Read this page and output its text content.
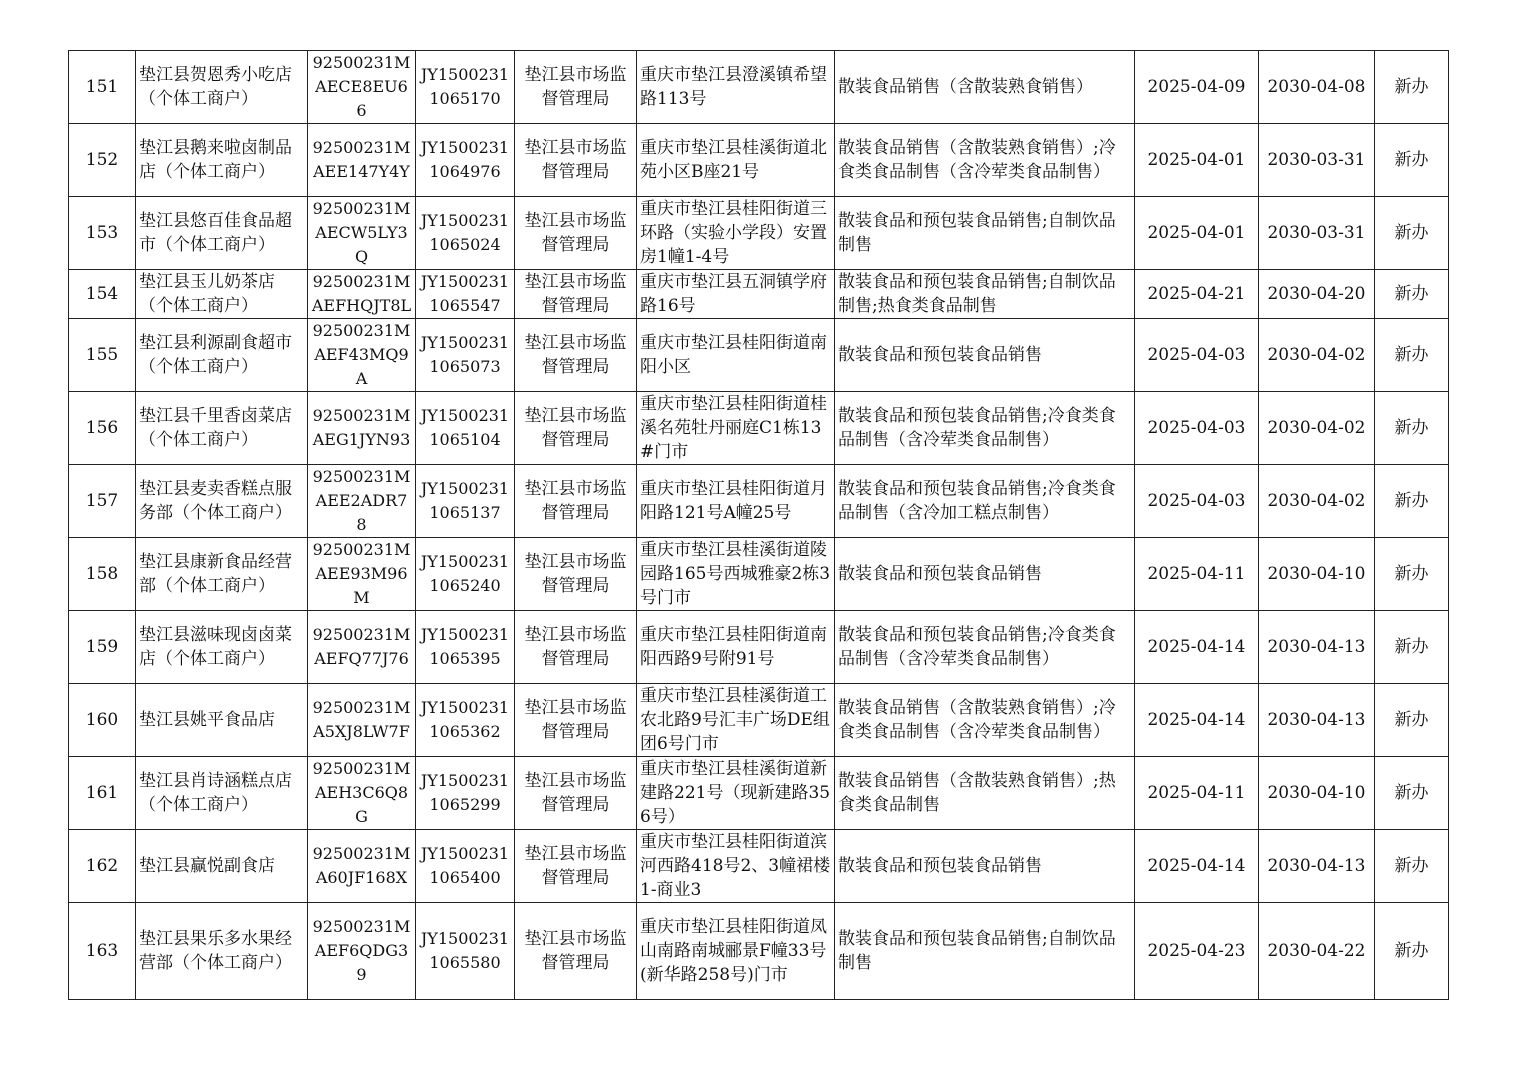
151	垫江县贺恩秀小吃店（个体工商户）	92500231MAECE8EU66	JY15002311065170	垫江县市场监督管理局	重庆市垫江县澄溪镇希望路113号	散装食品销售（含散装熟食销售）	2025-04-09	2030-04-08	新办
152	垫江县鹅来啦卤制品店（个体工商户）	92500231MAEE147Y4Y	JY15002311064976	垫江县市场监督管理局	重庆市垫江县桂溪街道北苑小区B座21号	散装食品销售（含散装熟食销售）;冷食类食品制售（含冷荤类食品制售）	2025-04-01	2030-03-31	新办
153	垫江县悠百佳食品超市（个体工商户）	92500231MAECW5LY3Q	JY15002311065024	垫江县市场监督管理局	重庆市垫江县桂阳街道三环路（实验小学段）安置房1幢1-4号	散装食品和预包装食品销售;自制饮品制售	2025-04-01	2030-03-31	新办
154	垫江县玉儿奶茶店（个体工商户）	92500231MAEFHQJT8L	JY15002311065547	垫江县市场监督管理局	重庆市垫江县五洞镇学府路16号	散装食品和预包装食品销售;自制饮品制售;热食类食品制售	2025-04-21	2030-04-20	新办
155	垫江县利源副食超市（个体工商户）	92500231MAEF43MQ9A	JY15002311065073	垫江县市场监督管理局	重庆市垫江县桂阳街道南阳小区	散装食品和预包装食品销售	2025-04-03	2030-04-02	新办
156	垫江县千里香卤菜店（个体工商户）	92500231MAEG1JYN93	JY15002311065104	垫江县市场监督管理局	重庆市垫江县桂阳街道桂溪名苑牡丹丽庭C1栋13#门市	散装食品和预包装食品销售;冷食类食品制售（含冷荤类食品制售）	2025-04-03	2030-04-02	新办
157	垫江县麦卖香糕点服务部（个体工商户）	92500231MAEE2ADR78	JY15002311065137	垫江县市场监督管理局	重庆市垫江县桂阳街道月阳路121号A幢25号	散装食品和预包装食品销售;冷食类食品制售（含冷加工糕点制售）	2025-04-03	2030-04-02	新办
158	垫江县康新食品经营部（个体工商户）	92500231MAEE93M96M	JY15002311065240	垫江县市场监督管理局	重庆市垫江县桂溪街道陵园路165号西城雅豪2栋3号门市	散装食品和预包装食品销售	2025-04-11	2030-04-10	新办
159	垫江县滋味现卤卤菜店（个体工商户）	92500231MAEFQ77J76	JY15002311065395	垫江县市场监督管理局	重庆市垫江县桂阳街道南阳西路9号附91号	散装食品和预包装食品销售;冷食类食品制售（含冷荤类食品制售）	2025-04-14	2030-04-13	新办
160	垫江县姚平食品店	92500231MA5XJ8LW7F	JY15002311065362	垫江县市场监督管理局	重庆市垫江县桂溪街道工农北路9号汇丰广场DE组团6号门市	散装食品销售（含散装熟食销售）;冷食类食品制售（含冷荤类食品制售）	2025-04-14	2030-04-13	新办
161	垫江县肖诗涵糕点店（个体工商户）	92500231MAEH3C6Q8G	JY15002311065299	垫江县市场监督管理局	重庆市垫江县桂溪街道新建路221号（现新建路356号）	散装食品销售（含散装熟食销售）;热食类食品制售	2025-04-11	2030-04-10	新办
162	垫江县赢悦副食店	92500231MA60JF168X	JY15002311065400	垫江县市场监督管理局	重庆市垫江县桂阳街道滨河西路418号2、3幢裙楼1-商业3	散装食品和预包装食品销售	2025-04-14	2030-04-13	新办
163	垫江县果乐多水果经营部（个体工商户）	92500231MAEF6QDG39	JY15002311065580	垫江县市场监督管理局	重庆市垫江县桂阳街道凤山南路南城郦景F幢33号(新华路258号)门市	散装食品和预包装食品销售;自制饮品制售	2025-04-23	2030-04-22	新办
